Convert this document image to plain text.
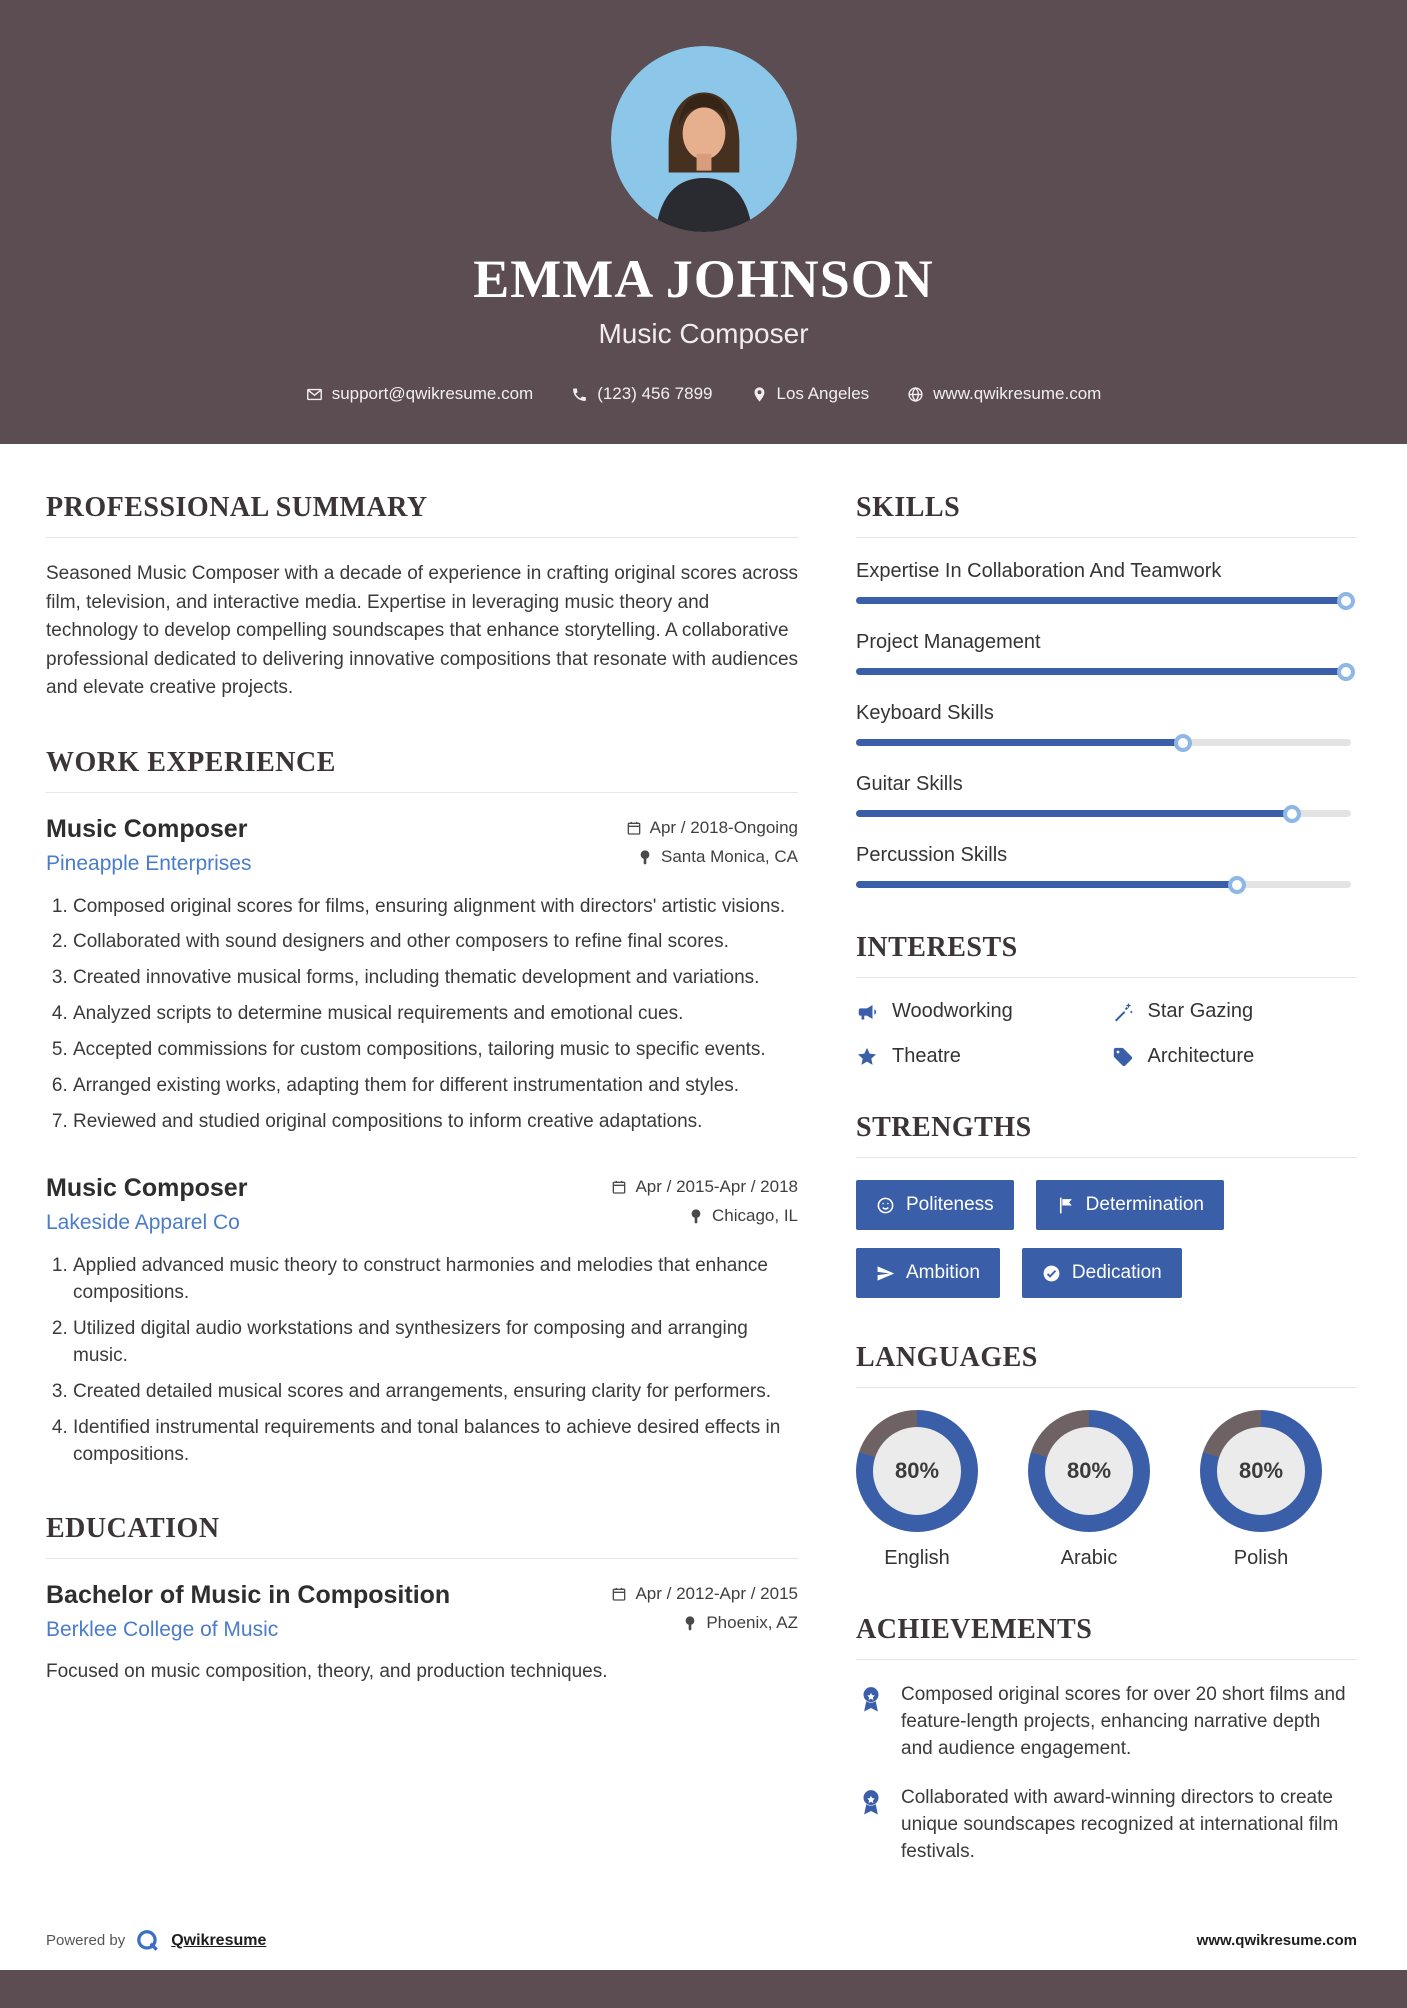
EMMA JOHNSON
Music Composer
support@qwikresume.com	(123) 456 7899	Los Angeles	www.qwikresume.com
PROFESSIONAL SUMMARY

Seasoned Music Composer with a decade of experience in crafting original scores across film, television, and interactive media. Expertise in leveraging music theory and technology to develop compelling soundscapes that enhance storytelling. A collaborative professional dedicated to delivering innovative compositions that resonate with audiences and elevate creative projects.

WORK EXPERIENCE
Music Composer
Pineapple Enterprises
Apr / 2018-Ongoing
Santa Monica, CA
1. Composed original scores for films, ensuring alignment with directors' artistic visions.
2. Collaborated with sound designers and other composers to refine final scores.
3. Created innovative musical forms, including thematic development and variations.
4. Analyzed scripts to determine musical requirements and emotional cues.
5. Accepted commissions for custom compositions, tailoring music to specific events.
6. Arranged existing works, adapting them for different instrumentation and styles.
7. Reviewed and studied original compositions to inform creative adaptations.
Music Composer
Lakeside Apparel Co
Apr / 2015-Apr / 2018
Chicago, IL
1. Applied advanced music theory to construct harmonies and melodies that enhance compositions.
2. Utilized digital audio workstations and synthesizers for composing and arranging music.
3. Created detailed musical scores and arrangements, ensuring clarity for performers.
4. Identified instrumental requirements and tonal balances to achieve desired effects in compositions.
EDUCATION
Bachelor of Music in Composition
Berklee College of Music
Apr / 2012-Apr / 2015
Phoenix, AZ

Focused on music composition, theory, and production techniques.

SKILLS
Expertise In Collaboration And Teamwork
Project Management
Keyboard Skills
Guitar Skills
Percussion Skills
INTERESTS
Woodworking	Star Gazing
Theatre	Architecture
STRENGTHS
Politeness	Determination
Ambition	Dedication
LANGUAGES
80%
English
80%
Arabic
80%
Polish
ACHIEVEMENTS

Composed original scores for over 20 short films and feature-length projects, enhancing narrative depth and audience engagement.

Collaborated with award-winning directors to create unique soundscapes recognized at international film festivals.

Powered by	Qwikresume	www.qwikresume.com
